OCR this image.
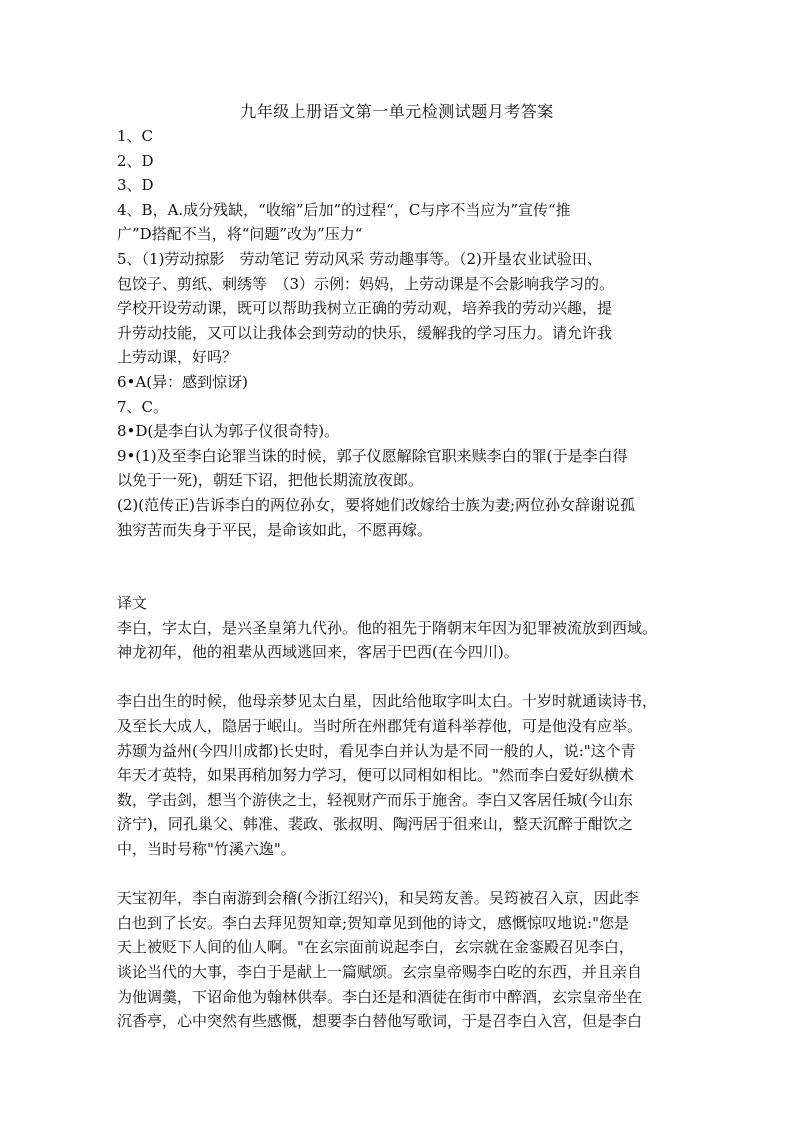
九年级上册语文第一单元检测试题月考答案
1、C
2、D
3、D
4、B，A.成分残缺，“收缩”后加”的过程“，C与序不当应为”宣传“推
广”D搭配不当，将“问题”改为”压力“
5、（1)劳动掠影　劳动笔记 劳动风采 劳动趣事等。（2)开垦农业试验田、
包饺子、剪纸、刺绣等　（3）示例：妈妈，上劳动课是不会影响我学习的。
学校开设劳动课，既可以帮助我树立正确的劳动观，培养我的劳动兴趣，提
升劳动技能，又可以让我体会到劳动的快乐，缓解我的学习压力。请允许我
上劳动课，好吗？
6•A(异：感到惊讶)
7、C。
8•D(是李白认为郭子仪很奇特)。
9•(1)及至李白论罪当诛的时候，郭子仪愿解除官职来赎李白的罪(于是李白得
以免于一死)，朝廷下诏，把他长期流放夜郎。
(2)(范传正)告诉李白的两位孙女，要将她们改嫁给士族为妻;两位孙女辞谢说孤
独穷苦而失身于平民，是命该如此，不愿再嫁。
译文
李白，字太白，是兴圣皇第九代孙。他的祖先于隋朝末年因为犯罪被流放到西域。
神龙初年，他的祖辈从西域逃回来，客居于巴西(在今四川)。
李白出生的时候，他母亲梦见太白星，因此给他取字叫太白。十岁时就通读诗书，
及至长大成人，隐居于岷山。当时所在州郡凭有道科举荐他，可是他没有应举。
苏颋为益州(今四川成都)长史时，看见李白并认为是不同一般的人，说:"这个青
年天才英特，如果再稍加努力学习，便可以同相如相比。"然而李白爱好纵横术
数，学击剑，想当个游侠之士，轻视财产而乐于施舍。李白又客居任城(今山东
济宁)，同孔巢父、韩准、裴政、张叔明、陶沔居于徂来山，整天沉醉于酣饮之
中，当时号称"竹溪六逸"。
天宝初年，李白南游到会稽(今浙江绍兴)，和吴筠友善。吴筠被召入京，因此李
白也到了长安。李白去拜见贺知章;贺知章见到他的诗文，感慨惊叹地说:"您是
天上被贬下人间的仙人啊。"在玄宗面前说起李白，玄宗就在金銮殿召见李白，
谈论当代的大事，李白于是献上一篇赋颂。玄宗皇帝赐李白吃的东西，并且亲自
为他调羹，下诏命他为翰林供奉。李白还是和酒徒在街市中醉酒，玄宗皇帝坐在
沉香亭，心中突然有些感慨，想要李白替他写歌词，于是召李白入宫，但是李白
